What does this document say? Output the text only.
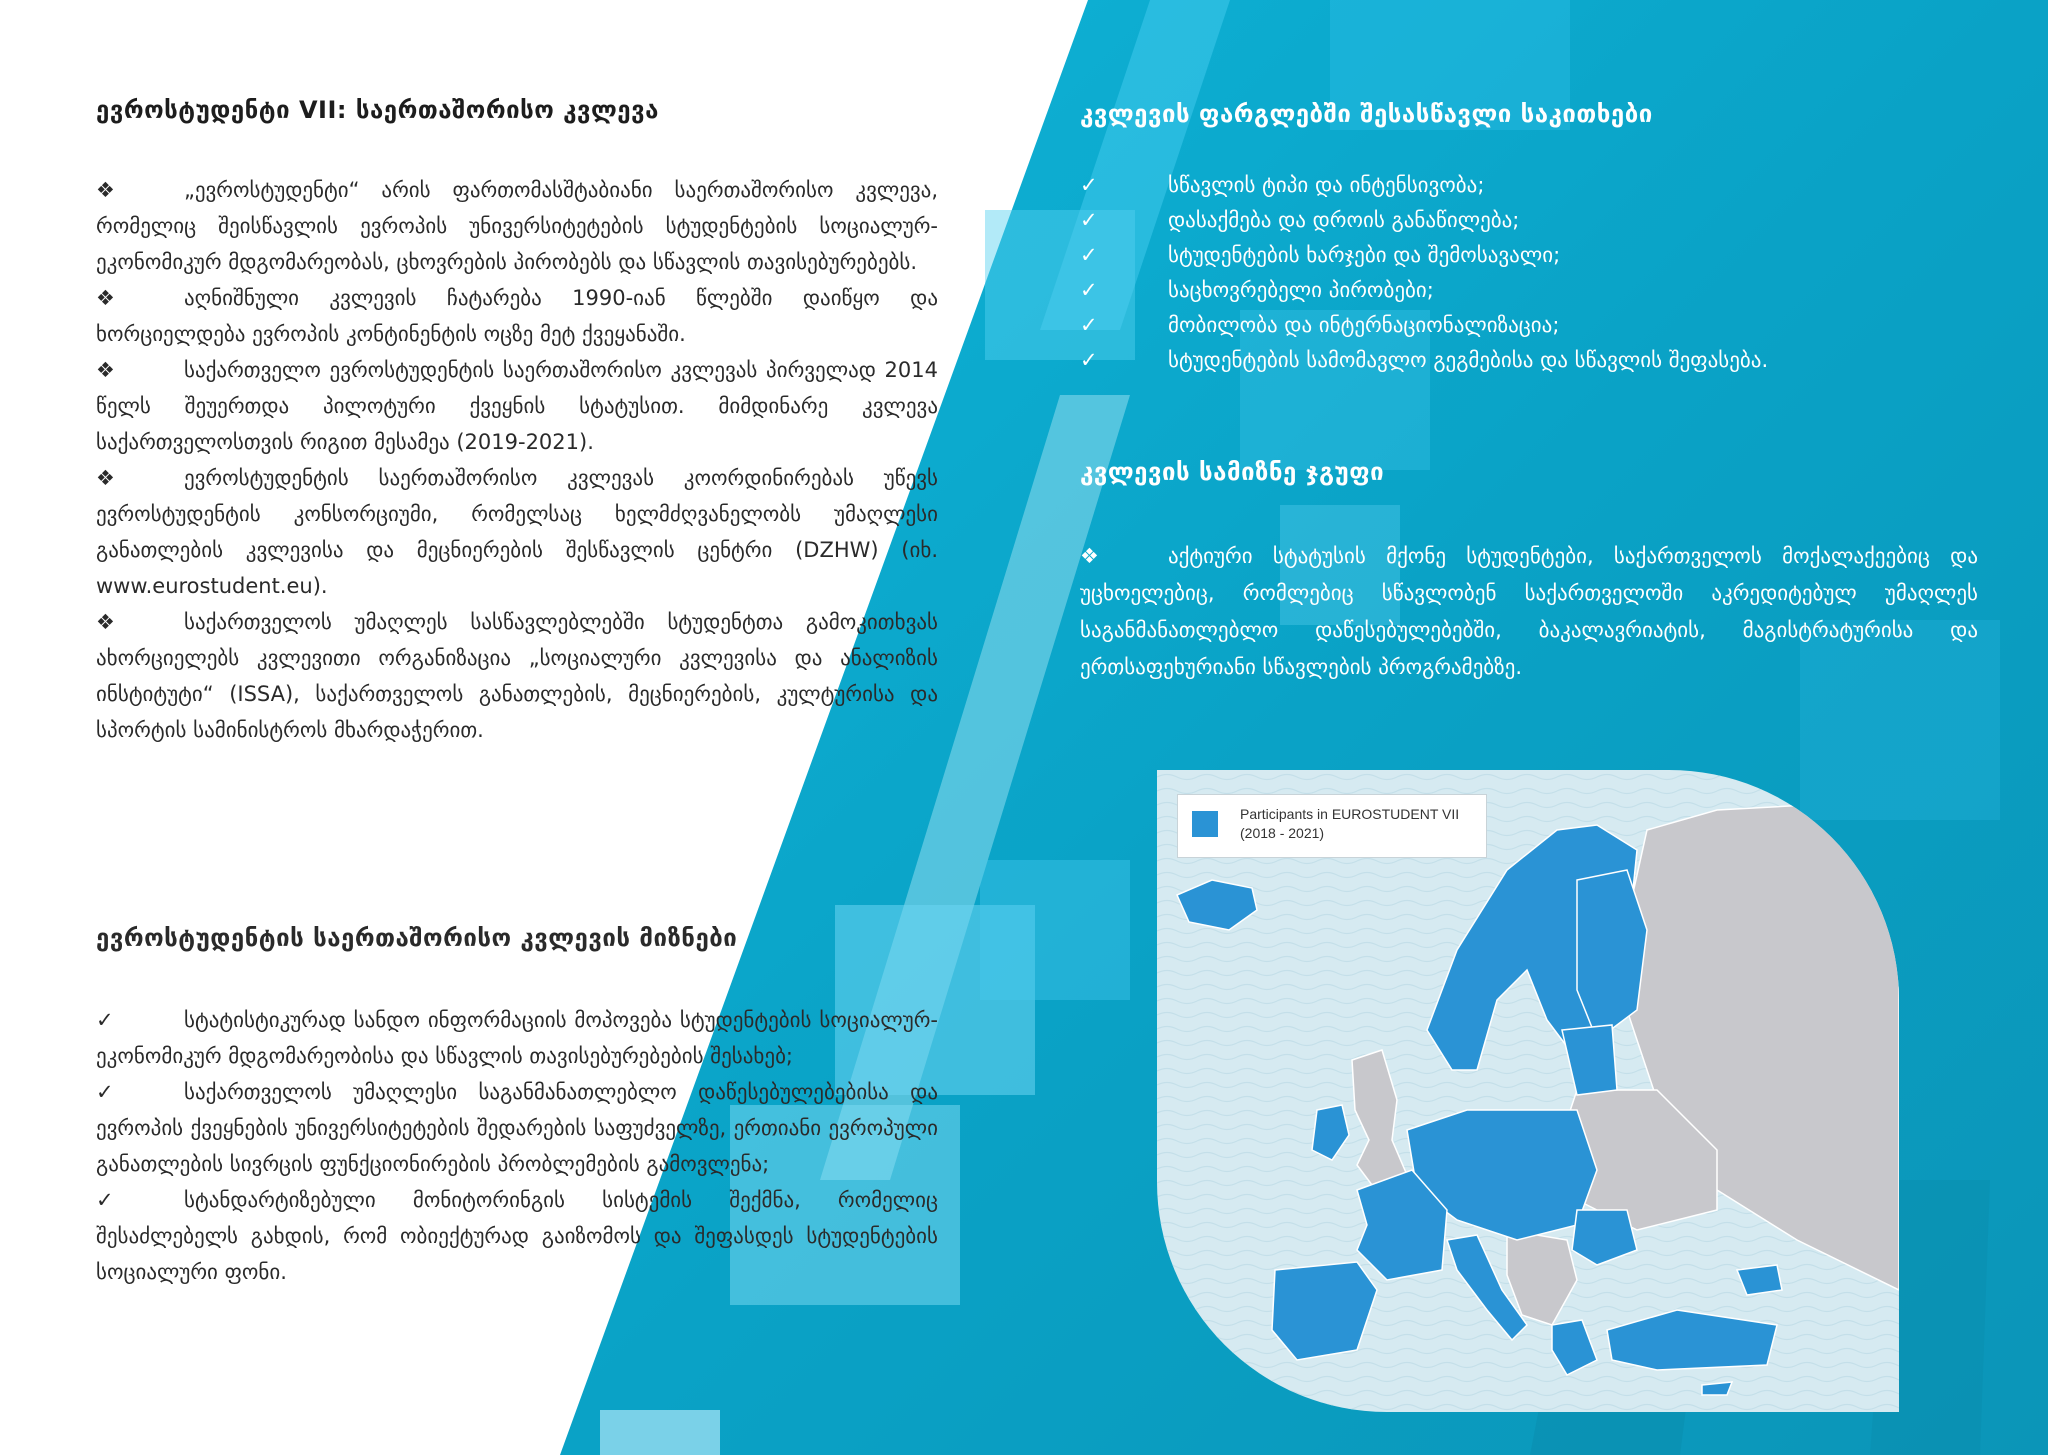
ევროსტუდენტი VII: საერთაშორისო კვლევა

❖	„ევროსტუდენტი“ არის ფართომასშტაბიანი საერთაშორისო კვლევა, რომელიც შეისწავლის ევროპის უნივერსიტეტების სტუდენტების სოციალურ-ეკონომიკურ მდგომარეობას, ცხოვრების პირობებს და სწავლის თავისებურებებს.

❖	აღნიშნული კვლევის ჩატარება 1990-იან წლებში დაიწყო და ხორციელდება ევროპის კონტინენტის ოცზე მეტ ქვეყანაში.

❖	საქართველო ევროსტუდენტის საერთაშორისო კვლევას პირველად 2014 წელს შეუერთდა პილოტური ქვეყნის სტატუსით. მიმდინარე კვლევა საქართველოსთვის რიგით მესამეა (2019-2021).

❖	ევროსტუდენტის საერთაშორისო კვლევას კოორდინირებას უწევს ევროსტუდენტის კონსორციუმი, რომელსაც ხელმძღვანელობს უმაღლესი განათლების კვლევისა და მეცნიერების შესწავლის ცენტრი (DZHW) (იხ. www.eurostudent.eu).

❖	საქართველოს უმაღლეს სასწავლებლებში სტუდენტთა გამოკითხვას ახორციელებს კვლევითი ორგანიზაცია „სოციალური კვლევისა და ანალიზის ინსტიტუტი“ (ISSA), საქართველოს განათლების, მეცნიერების, კულტურისა და სპორტის სამინისტროს მხარდაჭერით.

ევროსტუდენტის საერთაშორისო კვლევის მიზნები

✓	სტატისტიკურად სანდო ინფორმაციის მოპოვება სტუდენტების სოციალურ-ეკონომიკურ მდგომარეობისა და სწავლის თავისებურებების შესახებ;

✓	საქართველოს უმაღლესი საგანმანათლებლო დაწესებულებებისა და ევროპის ქვეყნების უნივერსიტეტების შედარების საფუძველზე, ერთიანი ევროპული განათლების სივრცის ფუნქციონირების პრობლემების გამოვლენა;

✓	სტანდარტიზებული მონიტორინგის სისტემის შექმნა, რომელიც შესაძლებელს გახდის, რომ ობიექტურად გაიზომოს და შეფასდეს სტუდენტების სოციალური ფონი.

კვლევის ფარგლებში შესასწავლი საკითხები
✓	სწავლის ტიპი და ინტენსივობა;
✓	დასაქმება და დროის განაწილება;
✓	სტუდენტების ხარჯები და შემოსავალი;
✓	საცხოვრებელი პირობები;
✓	მობილობა და ინტერნაციონალიზაცია;
✓	სტუდენტების სამომავლო გეგმებისა და სწავლის შეფასება.
კვლევის სამიზნე ჯგუფი

❖	აქტიური სტატუსის მქონე სტუდენტები, საქართველოს მოქალაქეებიც და უცხოელებიც, რომლებიც სწავლობენ საქართველოში აკრედიტებულ უმაღლეს საგანმანათლებლო დაწესებულებებში, ბაკალავრიატის, მაგისტრატურისა და ერთსაფეხურიანი სწავლების პროგრამებზე.

Participants in EUROSTUDENT VII
(2018 - 2021)
